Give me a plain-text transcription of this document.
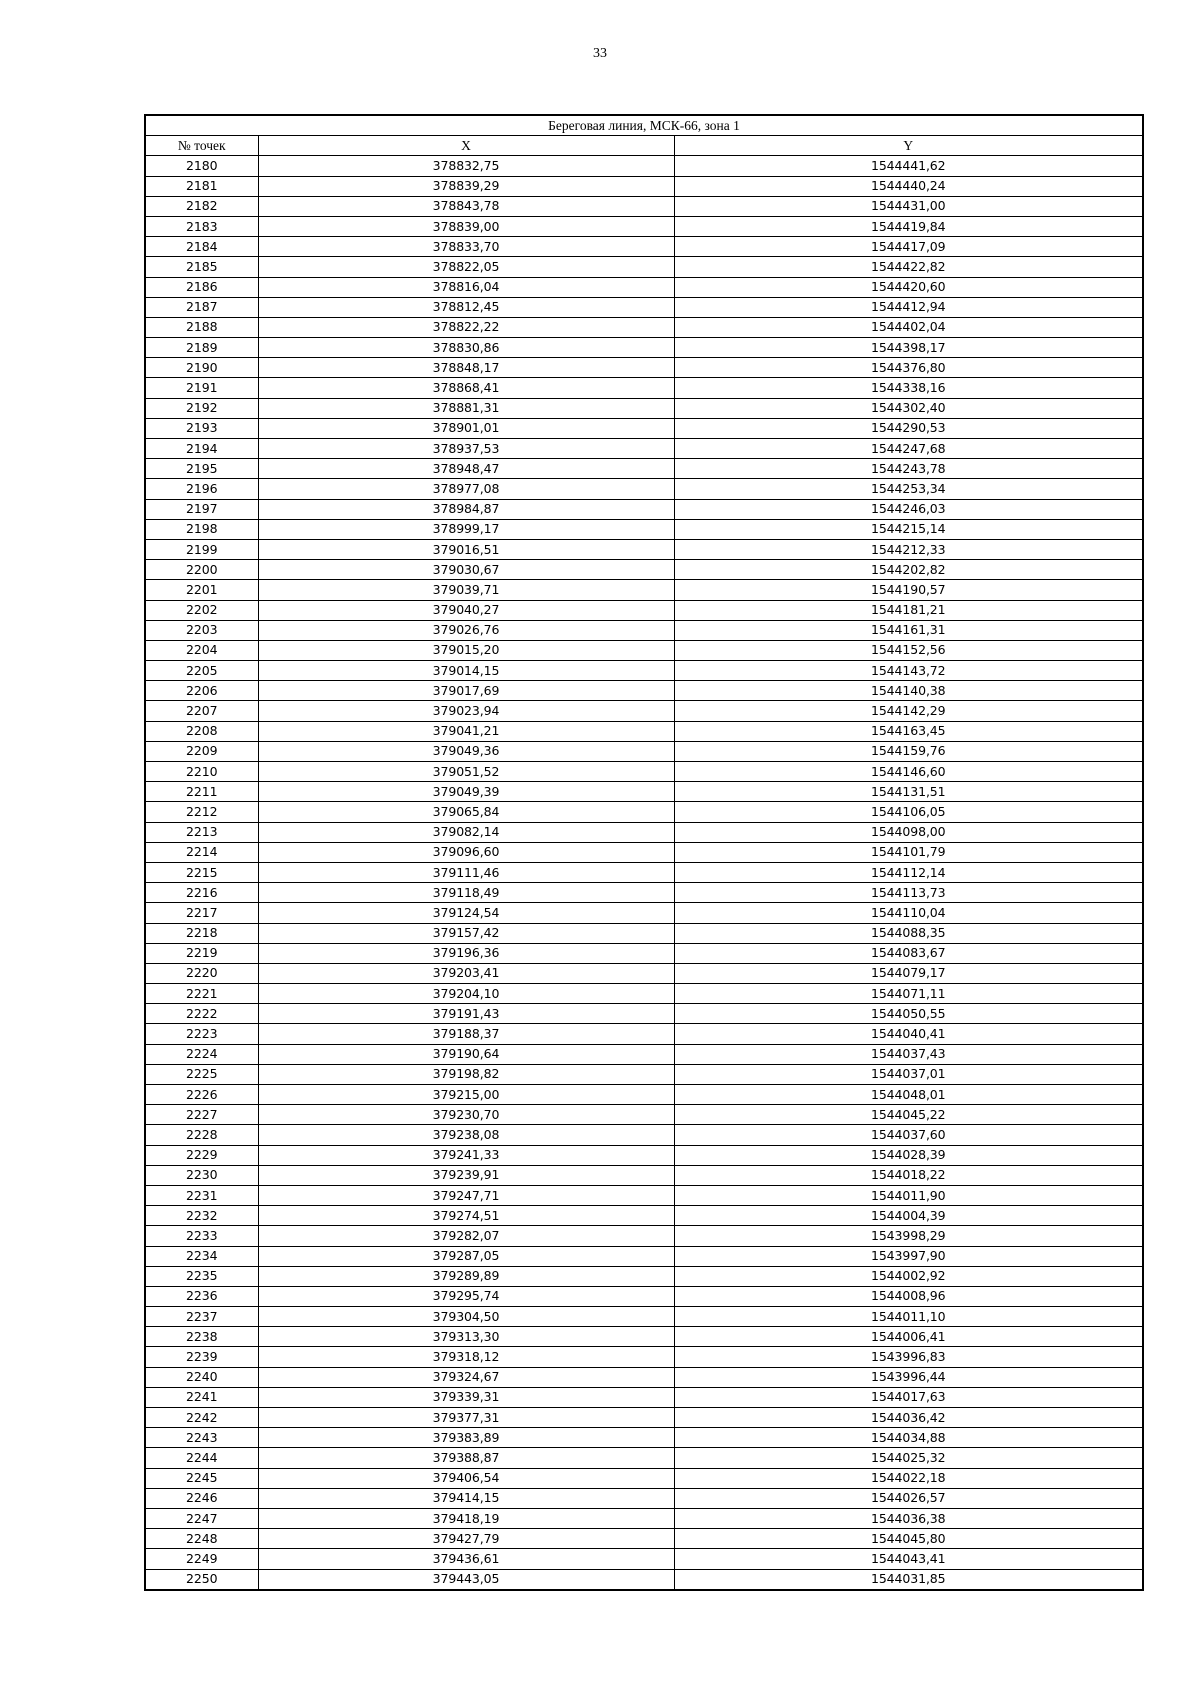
33
Береговая линия, МСК-66, зона 1		
№ точек	X	Y
2180	378832,75	1544441,62
2181	378839,29	1544440,24
2182	378843,78	1544431,00
2183	378839,00	1544419,84
2184	378833,70	1544417,09
2185	378822,05	1544422,82
2186	378816,04	1544420,60
2187	378812,45	1544412,94
2188	378822,22	1544402,04
2189	378830,86	1544398,17
2190	378848,17	1544376,80
2191	378868,41	1544338,16
2192	378881,31	1544302,40
2193	378901,01	1544290,53
2194	378937,53	1544247,68
2195	378948,47	1544243,78
2196	378977,08	1544253,34
2197	378984,87	1544246,03
2198	378999,17	1544215,14
2199	379016,51	1544212,33
2200	379030,67	1544202,82
2201	379039,71	1544190,57
2202	379040,27	1544181,21
2203	379026,76	1544161,31
2204	379015,20	1544152,56
2205	379014,15	1544143,72
2206	379017,69	1544140,38
2207	379023,94	1544142,29
2208	379041,21	1544163,45
2209	379049,36	1544159,76
2210	379051,52	1544146,60
2211	379049,39	1544131,51
2212	379065,84	1544106,05
2213	379082,14	1544098,00
2214	379096,60	1544101,79
2215	379111,46	1544112,14
2216	379118,49	1544113,73
2217	379124,54	1544110,04
2218	379157,42	1544088,35
2219	379196,36	1544083,67
2220	379203,41	1544079,17
2221	379204,10	1544071,11
2222	379191,43	1544050,55
2223	379188,37	1544040,41
2224	379190,64	1544037,43
2225	379198,82	1544037,01
2226	379215,00	1544048,01
2227	379230,70	1544045,22
2228	379238,08	1544037,60
2229	379241,33	1544028,39
2230	379239,91	1544018,22
2231	379247,71	1544011,90
2232	379274,51	1544004,39
2233	379282,07	1543998,29
2234	379287,05	1543997,90
2235	379289,89	1544002,92
2236	379295,74	1544008,96
2237	379304,50	1544011,10
2238	379313,30	1544006,41
2239	379318,12	1543996,83
2240	379324,67	1543996,44
2241	379339,31	1544017,63
2242	379377,31	1544036,42
2243	379383,89	1544034,88
2244	379388,87	1544025,32
2245	379406,54	1544022,18
2246	379414,15	1544026,57
2247	379418,19	1544036,38
2248	379427,79	1544045,80
2249	379436,61	1544043,41
2250	379443,05	1544031,85
